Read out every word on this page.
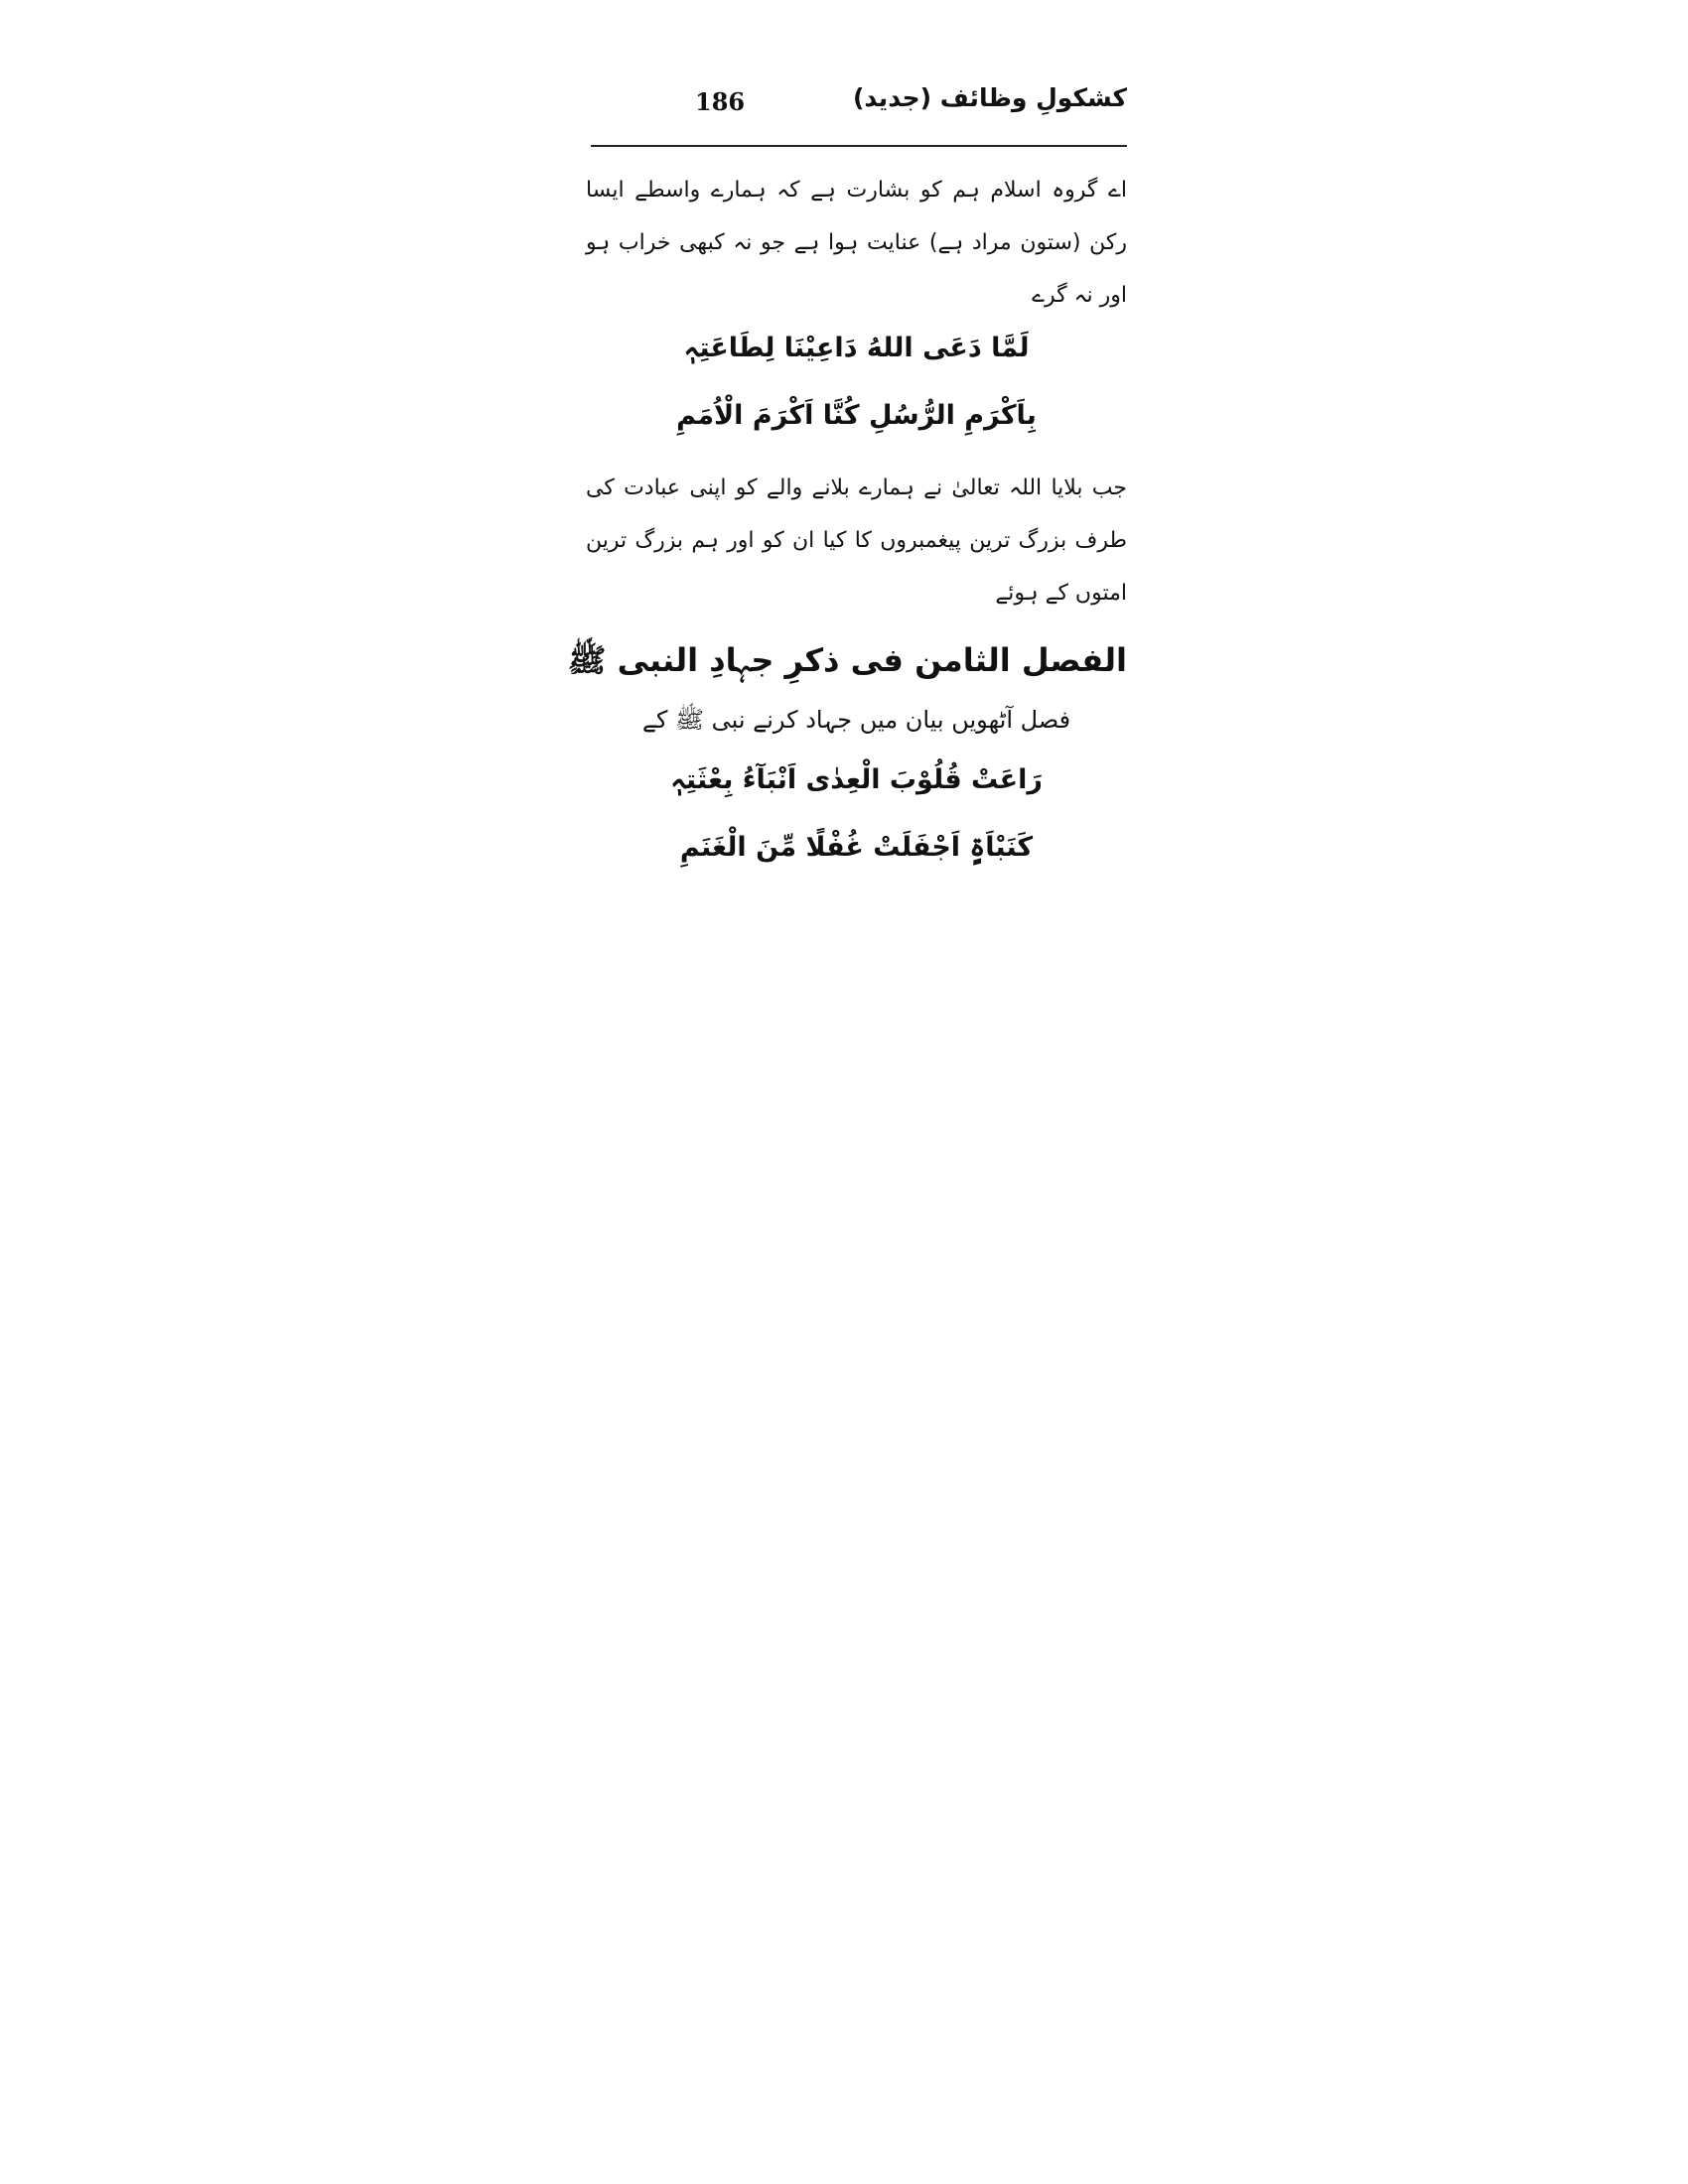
186	کشکولِ وظائف (جدید)

اے گروہ اسلام ہم کو بشارت ہے کہ ہمارے واسطے ایسا رکن (ستون مراد ہے) عنایت ہوا ہے جو نہ کبھی خراب ہو اور نہ گرے

لَمَّا دَعَی اللهُ دَاعِیْنَا لِطَاعَتِہٖ
بِاَکْرَمِ الرُّسُلِ کُنَّا اَکْرَمَ الْاُمَمِ

جب بلایا اللہ تعالیٰ نے ہمارے بلانے والے کو اپنی عبادت کی طرف بزرگ ترین پیغمبروں کا کیا ان کو اور ہم بزرگ ترین امتوں کے ہوئے

الفصل الثامن فی ذکرِ جہادِ النبی ﷺ
فصل آٹھویں بیان میں جہاد کرنے نبی ﷺ کے
رَاعَتْ قُلُوْبَ الْعِدٰی اَنْبَآءُ بِعْثَتِہٖ
کَنَبْاَۃٍ اَجْفَلَتْ غُفْلًا مِّنَ الْغَنَمِ
